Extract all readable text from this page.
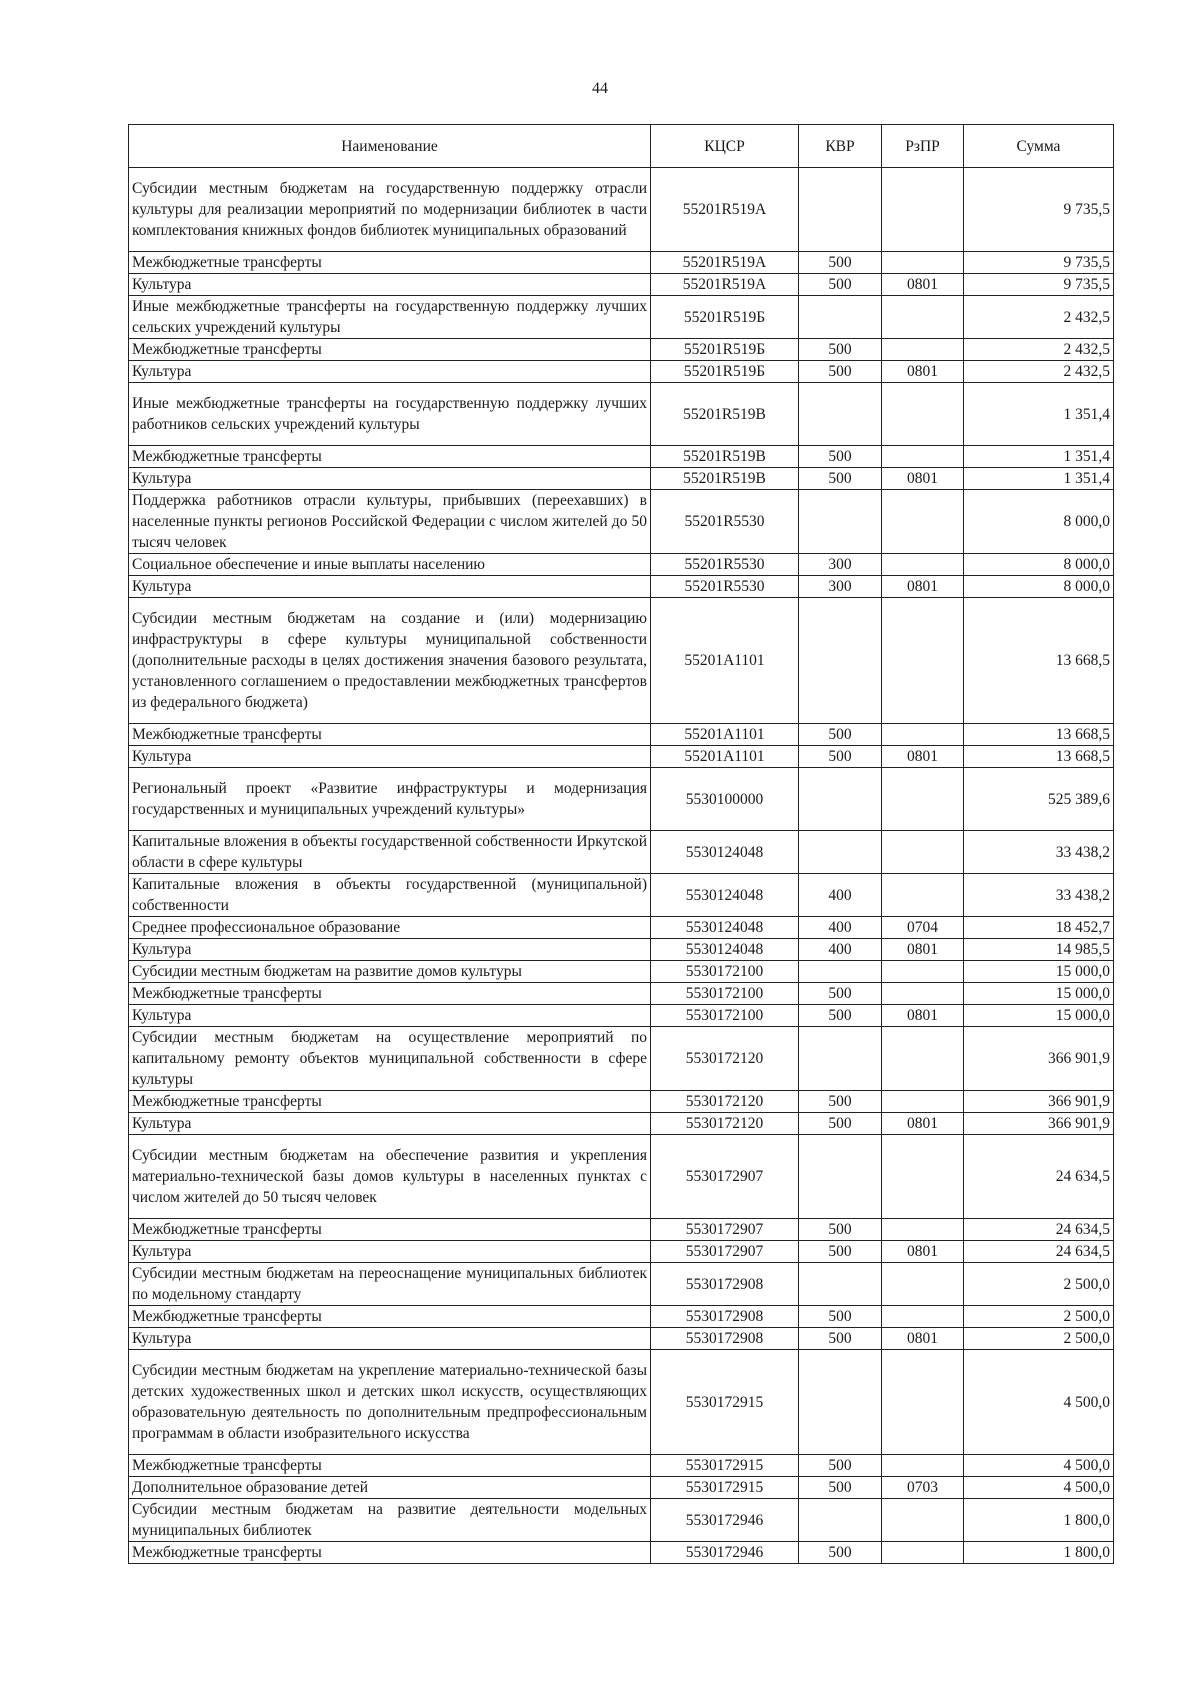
44
Наименование	КЦСР	КВР	РзПР	Сумма
Субсидии местным бюджетам на государственную поддержку отрасли культуры для реализации мероприятий по модернизации библиотек в части комплектования книжных фондов библиотек муниципальных образований	55201R519А			9 735,5
Межбюджетные трансферты	55201R519А	500		9 735,5
Культура	55201R519А	500	0801	9 735,5
Иные межбюджетные трансферты на государственную поддержку лучших сельских учреждений культуры	55201R519Б			2 432,5
Межбюджетные трансферты	55201R519Б	500		2 432,5
Культура	55201R519Б	500	0801	2 432,5
Иные межбюджетные трансферты на государственную поддержку лучших работников сельских учреждений культуры	55201R519В			1 351,4
Межбюджетные трансферты	55201R519В	500		1 351,4
Культура	55201R519В	500	0801	1 351,4
Поддержка работников отрасли культуры, прибывших (переехавших) в населенные пункты регионов Российской Федерации с числом жителей до 50 тысяч человек	55201R5530			8 000,0
Социальное обеспечение и иные выплаты населению	55201R5530	300		8 000,0
Культура	55201R5530	300	0801	8 000,0
Субсидии местным бюджетам на создание и (или) модернизацию инфраструктуры в сфере культуры муниципальной собственности (дополнительные расходы в целях достижения значения базового результата, установленного соглашением о предоставлении межбюджетных трансфертов из федерального бюджета)	55201А1101			13 668,5
Межбюджетные трансферты	55201А1101	500		13 668,5
Культура	55201А1101	500	0801	13 668,5
Региональный проект «Развитие инфраструктуры и модернизация государственных и муниципальных учреждений культуры»	5530100000			525 389,6
Капитальные вложения в объекты государственной собственности Иркутской области в сфере культуры	5530124048			33 438,2
Капитальные вложения в объекты государственной (муниципальной) собственности	5530124048	400		33 438,2
Среднее профессиональное образование	5530124048	400	0704	18 452,7
Культура	5530124048	400	0801	14 985,5
Субсидии местным бюджетам на развитие домов культуры	5530172100			15 000,0
Межбюджетные трансферты	5530172100	500		15 000,0
Культура	5530172100	500	0801	15 000,0
Субсидии местным бюджетам на осуществление мероприятий по капитальному ремонту объектов муниципальной собственности в сфере культуры	5530172120			366 901,9
Межбюджетные трансферты	5530172120	500		366 901,9
Культура	5530172120	500	0801	366 901,9
Субсидии местным бюджетам на обеспечение развития и укрепления материально-технической базы домов культуры в населенных пунктах с числом жителей до 50 тысяч человек	5530172907			24 634,5
Межбюджетные трансферты	5530172907	500		24 634,5
Культура	5530172907	500	0801	24 634,5
Субсидии местным бюджетам на переоснащение муниципальных библиотек по модельному стандарту	5530172908			2 500,0
Межбюджетные трансферты	5530172908	500		2 500,0
Культура	5530172908	500	0801	2 500,0
Субсидии местным бюджетам на укрепление материально-технической базы детских художественных школ и детских школ искусств, осуществляющих образовательную деятельность по дополнительным предпрофессиональным программам в области изобразительного искусства	5530172915			4 500,0
Межбюджетные трансферты	5530172915	500		4 500,0
Дополнительное образование детей	5530172915	500	0703	4 500,0
Субсидии местным бюджетам на развитие деятельности модельных муниципальных библиотек	5530172946			1 800,0
Межбюджетные трансферты	5530172946	500		1 800,0
